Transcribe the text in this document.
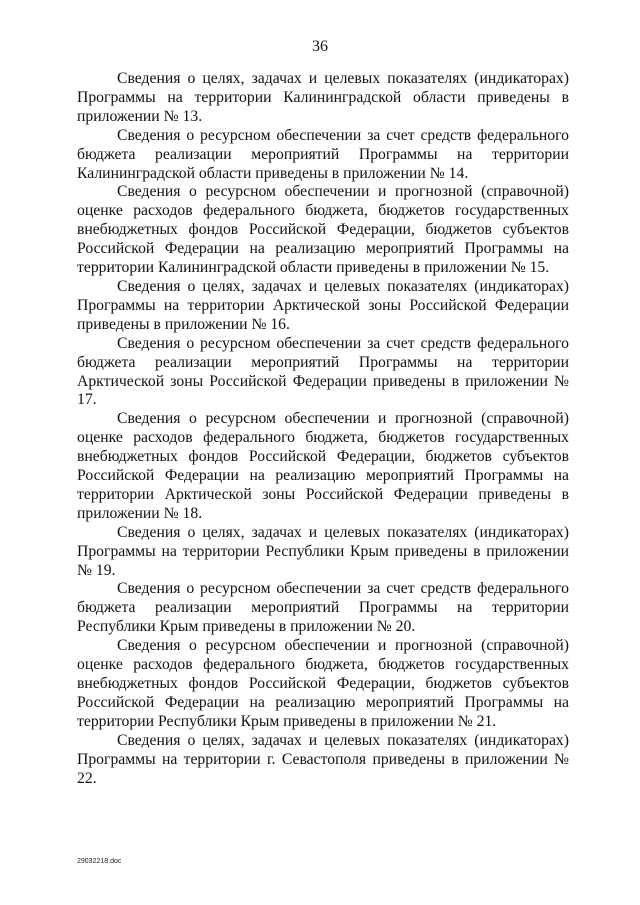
36

Сведения о целях, задачах и целевых показателях (индикаторах) Программы на территории Калининградской области приведены в приложении № 13.

Сведения о ресурсном обеспечении за счет средств федерального бюджета реализации мероприятий Программы на территории Калининградской области приведены в приложении № 14.

Сведения о ресурсном обеспечении и прогнозной (справочной) оценке расходов федерального бюджета, бюджетов государственных внебюджетных фондов Российской Федерации, бюджетов субъектов Российской Федерации на реализацию мероприятий Программы на территории Калининградской области приведены в приложении № 15.

Сведения о целях, задачах и целевых показателях (индикаторах) Программы на территории Арктической зоны Российской Федерации приведены в приложении № 16.

Сведения о ресурсном обеспечении за счет средств федерального бюджета реализации мероприятий Программы на территории Арктической зоны Российской Федерации приведены в приложении № 17.

Сведения о ресурсном обеспечении и прогнозной (справочной) оценке расходов федерального бюджета, бюджетов государственных внебюджетных фондов Российской Федерации, бюджетов субъектов Российской Федерации на реализацию мероприятий Программы на территории Арктической зоны Российской Федерации приведены в приложении № 18.

Сведения о целях, задачах и целевых показателях (индикаторах) Программы на территории Республики Крым приведены в приложении № 19.

Сведения о ресурсном обеспечении за счет средств федерального бюджета реализации мероприятий Программы на территории Республики Крым приведены в приложении № 20.

Сведения о ресурсном обеспечении и прогнозной (справочной) оценке расходов федерального бюджета, бюджетов государственных внебюджетных фондов Российской Федерации, бюджетов субъектов Российской Федерации на реализацию мероприятий Программы на территории Республики Крым приведены в приложении № 21.

Сведения о целях, задачах и целевых показателях (индикаторах) Программы на территории г. Севастополя приведены в приложении № 22.

29032218.doc
